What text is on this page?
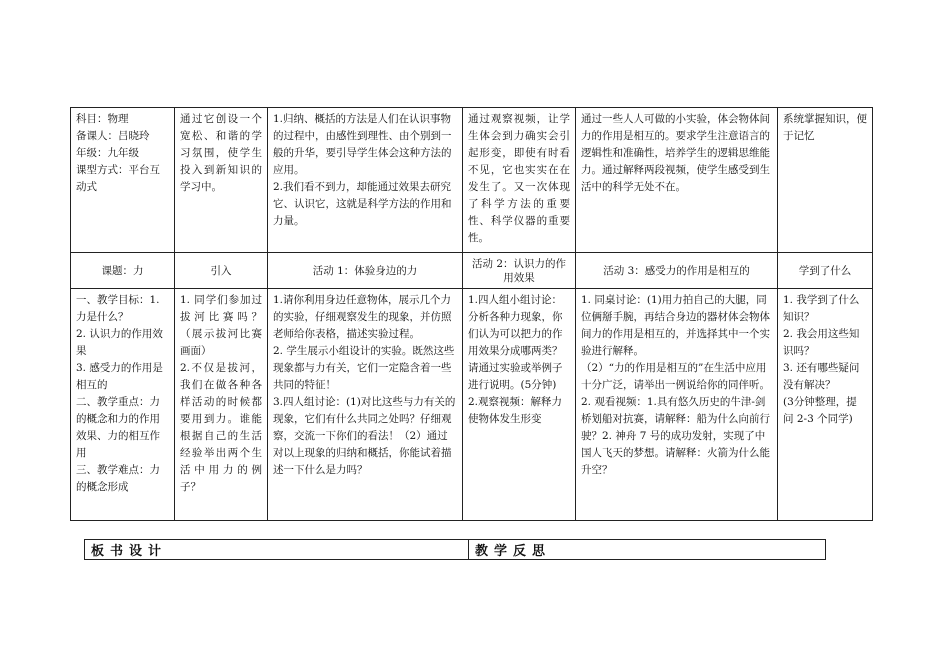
科目：物理
备课人：吕晓玲
年级：九年级
课型方式：平台互动式	通过它创设一个宽松、和谐的学习氛围，使学生投入到新知识的学习中。	1.归纳、概括的方法是人们在认识事物的过程中，由感性到理性、由个别到一般的升华，要引导学生体会这种方法的应用。
2.我们看不到力，却能通过效果去研究它、认识它，这就是科学方法的作用和力量。	通过观察视频，让学生体会到力确实会引起形变，即使有时看不见，它也实实在在发生了。又一次体现了科学方法的重要性、科学仪器的重要性。	通过一些人人可做的小实验，体会物体间力的作用是相互的。要求学生注意语言的逻辑性和准确性，培养学生的逻辑思维能力。通过解释两段视频，使学生感受到生活中的科学无处不在。	系统掌握知识，便于记忆
课题：力	引入	活动 1：体验身边的力	活动 2：认识力的作用效果	活动 3：感受力的作用是相互的	学到了什么

一、教学目标：1.力是什么？
2. 认识力的作用效果
3. 感受力的作用是相互的
二、教学重点：力的概念和力的作用效果、力的相互作用
三、教学难点：力的概念形成	1. 同学们参加过拔河比赛吗？（展示拔河比赛画面）
2.不仅是拔河，我们在做各种各样活动的时候都要用到力。谁能根据自己的生活经验举出两个生活中用力的例子？	1.请你利用身边任意物体，展示几个力的实验，仔细观察发生的现象，并仿照老师给你表格，描述实验过程。
2. 学生展示小组设计的实验。既然这些现象都与力有关，它们一定隐含着一些共同的特征！
3.四人组讨论：(1)对比这些与力有关的现象，它们有什么共同之处吗？仔细观察，交流一下你们的看法！（2）通过对以上现象的归纳和概括，你能试着描述一下什么是力吗？	1.四人组小组讨论：分析各种力现象，你们认为可以把力的作用效果分成哪两类？请通过实验或举例子进行说明。(5分钟)
2.观察视频：解释力使物体发生形变	1. 同桌讨论：(1)用力拍自己的大腿，同位俩掰手腕，再结合身边的器材体会物体间力的作用是相互的，并选择其中一个实验进行解释。
（2）“力的作用是相互的”在生活中应用十分广泛，请举出一例说给你的同伴听。
2. 观看视频：1.具有悠久历史的牛津-剑桥划船对抗赛，请解释：船为什么向前行驶？2. 神舟 7 号的成功发射，实现了中国人飞天的梦想。请解释：火箭为什么能升空？	1. 我学到了什么知识？
2. 我会用这些知识吗？
3. 还有哪些疑问没有解决？
(3分钟整理，提问 2-3 个同学)
板书设计	教学反思
